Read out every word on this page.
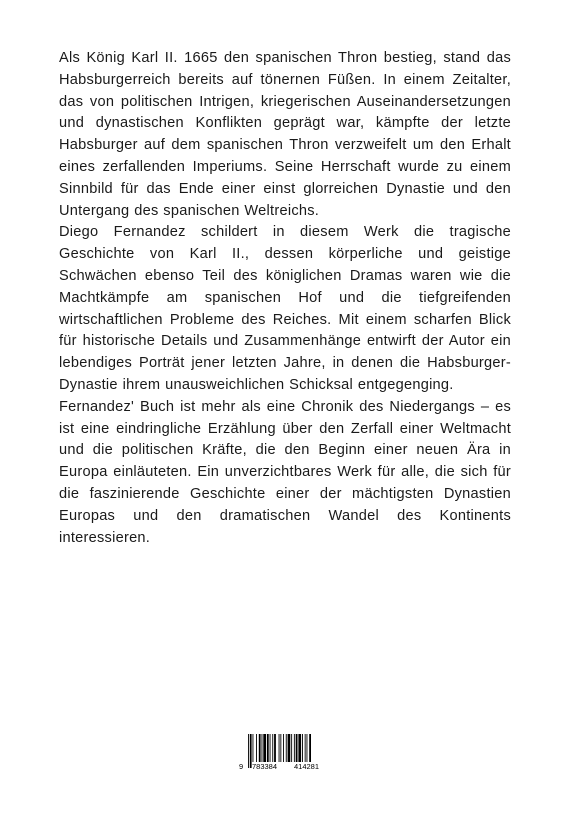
Als König Karl II. 1665 den spanischen Thron bestieg, stand das Habsburgerreich bereits auf tönernen Füßen. In einem Zeitalter, das von politischen Intrigen, kriegerischen Auseinandersetzungen und dynastischen Konflikten geprägt war, kämpfte der letzte Habsburger auf dem spanischen Thron verzweifelt um den Erhalt eines zerfallenden Imperiums. Seine Herrschaft wurde zu einem Sinnbild für das Ende einer einst glorreichen Dynastie und den Untergang des spanischen Weltreichs.

Diego Fernandez schildert in diesem Werk die tragische Geschichte von Karl II., dessen körperliche und geistige Schwächen ebenso Teil des königlichen Dramas waren wie die Machtkämpfe am spanischen Hof und die tiefgreifenden wirtschaftlichen Probleme des Reiches. Mit einem scharfen Blick für historische Details und Zusammenhänge entwirft der Autor ein lebendiges Porträt jener letzten Jahre, in denen die Habsburger-Dynastie ihrem unausweichlichen Schicksal entgegenging.

Fernandez' Buch ist mehr als eine Chronik des Niedergangs – es ist eine eindringliche Erzählung über den Zerfall einer Weltmacht und die politischen Kräfte, die den Beginn einer neuen Ära in Europa einläuteten. Ein unverzichtbares Werk für alle, die sich für die faszinierende Geschichte einer der mächtigsten Dynastien Europas und den dramatischen Wandel des Kontinents interessieren.

9 783384 414281
